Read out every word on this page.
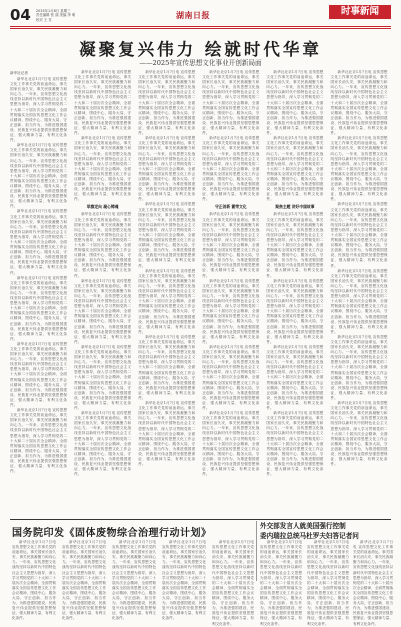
04 2025年1月8日 星期三
责任编辑 张 丽 美编 李 明
校对 王 芳	湖南日报	时事新闻
凝聚复兴伟力 绘就时代华章
——2025年宣传思想文化事业开创新局面
新华社记者

新华社北京1月7日电 宣传思想文化工作事关党的前途命运，事关国家长治久安，事关民族凝聚力和向心力。一年来，宣传思想文化战线坚持以新时代中国特色社会主义思想为指导，深入学习贯彻党的二十大和二十届历次全会精神，全面贯彻落实全国宣传思想文化工作会议精神，围绕中心、服务大局，守正创新、担当作为，为推进强国建设、民族复兴伟业提供坚强思想保证、强大精神力量、有利文化条件。

新华社北京1月7日电 宣传思想文化工作事关党的前途命运，事关国家长治久安，事关民族凝聚力和向心力。一年来，宣传思想文化战线坚持以新时代中国特色社会主义思想为指导，深入学习贯彻党的二十大和二十届历次全会精神，全面贯彻落实全国宣传思想文化工作会议精神，围绕中心、服务大局，守正创新、担当作为，为推进强国建设、民族复兴伟业提供坚强思想保证、强大精神力量、有利文化条件。

新华社北京1月7日电 宣传思想文化工作事关党的前途命运，事关国家长治久安，事关民族凝聚力和向心力。一年来，宣传思想文化战线坚持以新时代中国特色社会主义思想为指导，深入学习贯彻党的二十大和二十届历次全会精神，全面贯彻落实全国宣传思想文化工作会议精神，围绕中心、服务大局，守正创新、担当作为，为推进强国建设、民族复兴伟业提供坚强思想保证、强大精神力量、有利文化条件。

新华社北京1月7日电 宣传思想文化工作事关党的前途命运，事关国家长治久安，事关民族凝聚力和向心力。一年来，宣传思想文化战线坚持以新时代中国特色社会主义思想为指导，深入学习贯彻党的二十大和二十届历次全会精神，全面贯彻落实全国宣传思想文化工作会议精神，围绕中心、服务大局，守正创新、担当作为，为推进强国建设、民族复兴伟业提供坚强思想保证、强大精神力量、有利文化条件。

新华社北京1月7日电 宣传思想文化工作事关党的前途命运，事关国家长治久安，事关民族凝聚力和向心力。一年来，宣传思想文化战线坚持以新时代中国特色社会主义思想为指导，深入学习贯彻党的二十大和二十届历次全会精神，全面贯彻落实全国宣传思想文化工作会议精神，围绕中心、服务大局，守正创新、担当作为，为推进强国建设、民族复兴伟业提供坚强思想保证、强大精神力量、有利文化条件。

新华社北京1月7日电 宣传思想文化工作事关党的前途命运，事关国家长治久安，事关民族凝聚力和向心力。一年来，宣传思想文化战线坚持以新时代中国特色社会主义思想为指导，深入学习贯彻党的二十大和二十届历次全会精神，全面贯彻落实全国宣传思想文化工作会议精神，围绕中心、服务大局，守正创新、担当作为，为推进强国建设、民族复兴伟业提供坚强思想保证、强大精神力量、有利文化条件。

新华社北京1月7日电 宣传思想文化工作事关党的前途命运，事关国家长治久安，事关民族凝聚力和向心力。一年来，宣传思想文化战线坚持以新时代中国特色社会主义思想为指导，深入学习贯彻党的二十大和二十届历次全会精神，全面贯彻落实全国宣传思想文化工作会议精神，围绕中心、服务大局，守正创新、担当作为，为推进强国建设、民族复兴伟业提供坚强思想保证、强大精神力量、有利文化条件。

新华社北京1月7日电 宣传思想文化工作事关党的前途命运，事关国家长治久安，事关民族凝聚力和向心力。一年来，宣传思想文化战线坚持以新时代中国特色社会主义思想为指导，深入学习贯彻党的二十大和二十届历次全会精神，全面贯彻落实全国宣传思想文化工作会议精神，围绕中心、服务大局，守正创新、担当作为，为推进强国建设、民族复兴伟业提供坚强思想保证、强大精神力量、有利文化条件。

举旗定向 凝心铸魂

新华社北京1月7日电 宣传思想文化工作事关党的前途命运，事关国家长治久安，事关民族凝聚力和向心力。一年来，宣传思想文化战线坚持以新时代中国特色社会主义思想为指导，深入学习贯彻党的二十大和二十届历次全会精神，全面贯彻落实全国宣传思想文化工作会议精神，围绕中心、服务大局，守正创新、担当作为，为推进强国建设、民族复兴伟业提供坚强思想保证、强大精神力量、有利文化条件。

新华社北京1月7日电 宣传思想文化工作事关党的前途命运，事关国家长治久安，事关民族凝聚力和向心力。一年来，宣传思想文化战线坚持以新时代中国特色社会主义思想为指导，深入学习贯彻党的二十大和二十届历次全会精神，全面贯彻落实全国宣传思想文化工作会议精神，围绕中心、服务大局，守正创新、担当作为，为推进强国建设、民族复兴伟业提供坚强思想保证、强大精神力量、有利文化条件。

新华社北京1月7日电 宣传思想文化工作事关党的前途命运，事关国家长治久安，事关民族凝聚力和向心力。一年来，宣传思想文化战线坚持以新时代中国特色社会主义思想为指导，深入学习贯彻党的二十大和二十届历次全会精神，全面贯彻落实全国宣传思想文化工作会议精神，围绕中心、服务大局，守正创新、担当作为，为推进强国建设、民族复兴伟业提供坚强思想保证、强大精神力量、有利文化条件。

新华社北京1月7日电 宣传思想文化工作事关党的前途命运，事关国家长治久安，事关民族凝聚力和向心力。一年来，宣传思想文化战线坚持以新时代中国特色社会主义思想为指导，深入学习贯彻党的二十大和二十届历次全会精神，全面贯彻落实全国宣传思想文化工作会议精神，围绕中心、服务大局，守正创新、担当作为，为推进强国建设、民族复兴伟业提供坚强思想保证、强大精神力量、有利文化条件。

新华社北京1月7日电 宣传思想文化工作事关党的前途命运，事关国家长治久安，事关民族凝聚力和向心力。一年来，宣传思想文化战线坚持以新时代中国特色社会主义思想为指导，深入学习贯彻党的二十大和二十届历次全会精神，全面贯彻落实全国宣传思想文化工作会议精神，围绕中心、服务大局，守正创新、担当作为，为推进强国建设、民族复兴伟业提供坚强思想保证、强大精神力量、有利文化条件。

新华社北京1月7日电 宣传思想文化工作事关党的前途命运，事关国家长治久安，事关民族凝聚力和向心力。一年来，宣传思想文化战线坚持以新时代中国特色社会主义思想为指导，深入学习贯彻党的二十大和二十届历次全会精神，全面贯彻落实全国宣传思想文化工作会议精神，围绕中心、服务大局，守正创新、担当作为，为推进强国建设、民族复兴伟业提供坚强思想保证、强大精神力量、有利文化条件。

新华社北京1月7日电 宣传思想文化工作事关党的前途命运，事关国家长治久安，事关民族凝聚力和向心力。一年来，宣传思想文化战线坚持以新时代中国特色社会主义思想为指导，深入学习贯彻党的二十大和二十届历次全会精神，全面贯彻落实全国宣传思想文化工作会议精神，围绕中心、服务大局，守正创新、担当作为，为推进强国建设、民族复兴伟业提供坚强思想保证、强大精神力量、有利文化条件。

新华社北京1月7日电 宣传思想文化工作事关党的前途命运，事关国家长治久安，事关民族凝聚力和向心力。一年来，宣传思想文化战线坚持以新时代中国特色社会主义思想为指导，深入学习贯彻党的二十大和二十届历次全会精神，全面贯彻落实全国宣传思想文化工作会议精神，围绕中心、服务大局，守正创新、担当作为，为推进强国建设、民族复兴伟业提供坚强思想保证、强大精神力量、有利文化条件。

新华社北京1月7日电 宣传思想文化工作事关党的前途命运，事关国家长治久安，事关民族凝聚力和向心力。一年来，宣传思想文化战线坚持以新时代中国特色社会主义思想为指导，深入学习贯彻党的二十大和二十届历次全会精神，全面贯彻落实全国宣传思想文化工作会议精神，围绕中心、服务大局，守正创新、担当作为，为推进强国建设、民族复兴伟业提供坚强思想保证、强大精神力量、有利文化条件。

新华社北京1月7日电 宣传思想文化工作事关党的前途命运，事关国家长治久安，事关民族凝聚力和向心力。一年来，宣传思想文化战线坚持以新时代中国特色社会主义思想为指导，深入学习贯彻党的二十大和二十届历次全会精神，全面贯彻落实全国宣传思想文化工作会议精神，围绕中心、服务大局，守正创新、担当作为，为推进强国建设、民族复兴伟业提供坚强思想保证、强大精神力量、有利文化条件。

新华社北京1月7日电 宣传思想文化工作事关党的前途命运，事关国家长治久安，事关民族凝聚力和向心力。一年来，宣传思想文化战线坚持以新时代中国特色社会主义思想为指导，深入学习贯彻党的二十大和二十届历次全会精神，全面贯彻落实全国宣传思想文化工作会议精神，围绕中心、服务大局，守正创新、担当作为，为推进强国建设、民族复兴伟业提供坚强思想保证、强大精神力量、有利文化条件。

新华社北京1月7日电 宣传思想文化工作事关党的前途命运，事关国家长治久安，事关民族凝聚力和向心力。一年来，宣传思想文化战线坚持以新时代中国特色社会主义思想为指导，深入学习贯彻党的二十大和二十届历次全会精神，全面贯彻落实全国宣传思想文化工作会议精神，围绕中心、服务大局，守正创新、担当作为，为推进强国建设、民族复兴伟业提供坚强思想保证、强大精神力量、有利文化条件。

守正创新 繁荣文化

新华社北京1月7日电 宣传思想文化工作事关党的前途命运，事关国家长治久安，事关民族凝聚力和向心力。一年来，宣传思想文化战线坚持以新时代中国特色社会主义思想为指导，深入学习贯彻党的二十大和二十届历次全会精神，全面贯彻落实全国宣传思想文化工作会议精神，围绕中心、服务大局，守正创新、担当作为，为推进强国建设、民族复兴伟业提供坚强思想保证、强大精神力量、有利文化条件。

新华社北京1月7日电 宣传思想文化工作事关党的前途命运，事关国家长治久安，事关民族凝聚力和向心力。一年来，宣传思想文化战线坚持以新时代中国特色社会主义思想为指导，深入学习贯彻党的二十大和二十届历次全会精神，全面贯彻落实全国宣传思想文化工作会议精神，围绕中心、服务大局，守正创新、担当作为，为推进强国建设、民族复兴伟业提供坚强思想保证、强大精神力量、有利文化条件。

新华社北京1月7日电 宣传思想文化工作事关党的前途命运，事关国家长治久安，事关民族凝聚力和向心力。一年来，宣传思想文化战线坚持以新时代中国特色社会主义思想为指导，深入学习贯彻党的二十大和二十届历次全会精神，全面贯彻落实全国宣传思想文化工作会议精神，围绕中心、服务大局，守正创新、担当作为，为推进强国建设、民族复兴伟业提供坚强思想保证、强大精神力量、有利文化条件。

新华社北京1月7日电 宣传思想文化工作事关党的前途命运，事关国家长治久安，事关民族凝聚力和向心力。一年来，宣传思想文化战线坚持以新时代中国特色社会主义思想为指导，深入学习贯彻党的二十大和二十届历次全会精神，全面贯彻落实全国宣传思想文化工作会议精神，围绕中心、服务大局，守正创新、担当作为，为推进强国建设、民族复兴伟业提供坚强思想保证、强大精神力量、有利文化条件。

新华社北京1月7日电 宣传思想文化工作事关党的前途命运，事关国家长治久安，事关民族凝聚力和向心力。一年来，宣传思想文化战线坚持以新时代中国特色社会主义思想为指导，深入学习贯彻党的二十大和二十届历次全会精神，全面贯彻落实全国宣传思想文化工作会议精神，围绕中心、服务大局，守正创新、担当作为，为推进强国建设、民族复兴伟业提供坚强思想保证、强大精神力量、有利文化条件。

新华社北京1月7日电 宣传思想文化工作事关党的前途命运，事关国家长治久安，事关民族凝聚力和向心力。一年来，宣传思想文化战线坚持以新时代中国特色社会主义思想为指导，深入学习贯彻党的二十大和二十届历次全会精神，全面贯彻落实全国宣传思想文化工作会议精神，围绕中心、服务大局，守正创新、担当作为，为推进强国建设、民族复兴伟业提供坚强思想保证、强大精神力量、有利文化条件。

聚焦主题 讲好中国故事

新华社北京1月7日电 宣传思想文化工作事关党的前途命运，事关国家长治久安，事关民族凝聚力和向心力。一年来，宣传思想文化战线坚持以新时代中国特色社会主义思想为指导，深入学习贯彻党的二十大和二十届历次全会精神，全面贯彻落实全国宣传思想文化工作会议精神，围绕中心、服务大局，守正创新、担当作为，为推进强国建设、民族复兴伟业提供坚强思想保证、强大精神力量、有利文化条件。

新华社北京1月7日电 宣传思想文化工作事关党的前途命运，事关国家长治久安，事关民族凝聚力和向心力。一年来，宣传思想文化战线坚持以新时代中国特色社会主义思想为指导，深入学习贯彻党的二十大和二十届历次全会精神，全面贯彻落实全国宣传思想文化工作会议精神，围绕中心、服务大局，守正创新、担当作为，为推进强国建设、民族复兴伟业提供坚强思想保证、强大精神力量、有利文化条件。

新华社北京1月7日电 宣传思想文化工作事关党的前途命运，事关国家长治久安，事关民族凝聚力和向心力。一年来，宣传思想文化战线坚持以新时代中国特色社会主义思想为指导，深入学习贯彻党的二十大和二十届历次全会精神，全面贯彻落实全国宣传思想文化工作会议精神，围绕中心、服务大局，守正创新、担当作为，为推进强国建设、民族复兴伟业提供坚强思想保证、强大精神力量、有利文化条件。

新华社北京1月7日电 宣传思想文化工作事关党的前途命运，事关国家长治久安，事关民族凝聚力和向心力。一年来，宣传思想文化战线坚持以新时代中国特色社会主义思想为指导，深入学习贯彻党的二十大和二十届历次全会精神，全面贯彻落实全国宣传思想文化工作会议精神，围绕中心、服务大局，守正创新、担当作为，为推进强国建设、民族复兴伟业提供坚强思想保证、强大精神力量、有利文化条件。

新华社北京1月7日电 宣传思想文化工作事关党的前途命运，事关国家长治久安，事关民族凝聚力和向心力。一年来，宣传思想文化战线坚持以新时代中国特色社会主义思想为指导，深入学习贯彻党的二十大和二十届历次全会精神，全面贯彻落实全国宣传思想文化工作会议精神，围绕中心、服务大局，守正创新、担当作为，为推进强国建设、民族复兴伟业提供坚强思想保证、强大精神力量、有利文化条件。

新华社北京1月7日电 宣传思想文化工作事关党的前途命运，事关国家长治久安，事关民族凝聚力和向心力。一年来，宣传思想文化战线坚持以新时代中国特色社会主义思想为指导，深入学习贯彻党的二十大和二十届历次全会精神，全面贯彻落实全国宣传思想文化工作会议精神，围绕中心、服务大局，守正创新、担当作为，为推进强国建设、民族复兴伟业提供坚强思想保证、强大精神力量、有利文化条件。

新华社北京1月7日电 宣传思想文化工作事关党的前途命运，事关国家长治久安，事关民族凝聚力和向心力。一年来，宣传思想文化战线坚持以新时代中国特色社会主义思想为指导，深入学习贯彻党的二十大和二十届历次全会精神，全面贯彻落实全国宣传思想文化工作会议精神，围绕中心、服务大局，守正创新、担当作为，为推进强国建设、民族复兴伟业提供坚强思想保证、强大精神力量、有利文化条件。

新华社北京1月7日电 宣传思想文化工作事关党的前途命运，事关国家长治久安，事关民族凝聚力和向心力。一年来，宣传思想文化战线坚持以新时代中国特色社会主义思想为指导，深入学习贯彻党的二十大和二十届历次全会精神，全面贯彻落实全国宣传思想文化工作会议精神，围绕中心、服务大局，守正创新、担当作为，为推进强国建设、民族复兴伟业提供坚强思想保证、强大精神力量、有利文化条件。

新华社北京1月7日电 宣传思想文化工作事关党的前途命运，事关国家长治久安，事关民族凝聚力和向心力。一年来，宣传思想文化战线坚持以新时代中国特色社会主义思想为指导，深入学习贯彻党的二十大和二十届历次全会精神，全面贯彻落实全国宣传思想文化工作会议精神，围绕中心、服务大局，守正创新、担当作为，为推进强国建设、民族复兴伟业提供坚强思想保证、强大精神力量、有利文化条件。

新华社北京1月7日电 宣传思想文化工作事关党的前途命运，事关国家长治久安，事关民族凝聚力和向心力。一年来，宣传思想文化战线坚持以新时代中国特色社会主义思想为指导，深入学习贯彻党的二十大和二十届历次全会精神，全面贯彻落实全国宣传思想文化工作会议精神，围绕中心、服务大局，守正创新、担当作为，为推进强国建设、民族复兴伟业提供坚强思想保证、强大精神力量、有利文化条件。

国务院印发《固体废物综合治理行动计划》
外交部发言人就美国强行控制
委内瑞拉总统马杜罗夫妇答记者问

新华社北京1月7日电 宣传思想文化工作事关党的前途命运，事关国家长治久安，事关民族凝聚力和向心力。一年来，宣传思想文化战线坚持以新时代中国特色社会主义思想为指导，深入学习贯彻党的二十大和二十届历次全会精神，全面贯彻落实全国宣传思想文化工作会议精神，围绕中心、服务大局，守正创新、担当作为，为推进强国建设、民族复兴伟业提供坚强思想保证、强大精神力量、有利文化条件。

新华社北京1月7日电 宣传思想文化工作事关党的前途命运，事关国家长治久安，事关民族凝聚力和向心力。一年来，宣传思想文化战线坚持以新时代中国特色社会主义思想为指导，深入学习贯彻党的二十大和二十届历次全会精神，全面贯彻落实全国宣传思想文化工作会议精神，围绕中心、服务大局，守正创新、担当作为，为推进强国建设、民族复兴伟业提供坚强思想保证、强大精神力量、有利文化条件。

新华社北京1月7日电 宣传思想文化工作事关党的前途命运，事关国家长治久安，事关民族凝聚力和向心力。一年来，宣传思想文化战线坚持以新时代中国特色社会主义思想为指导，深入学习贯彻党的二十大和二十届历次全会精神，全面贯彻落实全国宣传思想文化工作会议精神，围绕中心、服务大局，守正创新、担当作为，为推进强国建设、民族复兴伟业提供坚强思想保证、强大精神力量、有利文化条件。

新华社北京1月7日电 宣传思想文化工作事关党的前途命运，事关国家长治久安，事关民族凝聚力和向心力。一年来，宣传思想文化战线坚持以新时代中国特色社会主义思想为指导，深入学习贯彻党的二十大和二十届历次全会精神，全面贯彻落实全国宣传思想文化工作会议精神，围绕中心、服务大局，守正创新、担当作为，为推进强国建设、民族复兴伟业提供坚强思想保证、强大精神力量、有利文化条件。

新华社北京1月7日电 宣传思想文化工作事关党的前途命运，事关国家长治久安，事关民族凝聚力和向心力。一年来，宣传思想文化战线坚持以新时代中国特色社会主义思想为指导，深入学习贯彻党的二十大和二十届历次全会精神，全面贯彻落实全国宣传思想文化工作会议精神，围绕中心、服务大局，守正创新、担当作为，为推进强国建设、民族复兴伟业提供坚强思想保证、强大精神力量、有利文化条件。

新华社北京1月7日电 宣传思想文化工作事关党的前途命运，事关国家长治久安，事关民族凝聚力和向心力。一年来，宣传思想文化战线坚持以新时代中国特色社会主义思想为指导，深入学习贯彻党的二十大和二十届历次全会精神，全面贯彻落实全国宣传思想文化工作会议精神，围绕中心、服务大局，守正创新、担当作为，为推进强国建设、民族复兴伟业提供坚强思想保证、强大精神力量、有利文化条件。

新华社北京1月7日电 宣传思想文化工作事关党的前途命运，事关国家长治久安，事关民族凝聚力和向心力。一年来，宣传思想文化战线坚持以新时代中国特色社会主义思想为指导，深入学习贯彻党的二十大和二十届历次全会精神，全面贯彻落实全国宣传思想文化工作会议精神，围绕中心、服务大局，守正创新、担当作为，为推进强国建设、民族复兴伟业提供坚强思想保证、强大精神力量、有利文化条件。

新华社北京1月7日电 宣传思想文化工作事关党的前途命运，事关国家长治久安，事关民族凝聚力和向心力。一年来，宣传思想文化战线坚持以新时代中国特色社会主义思想为指导，深入学习贯彻党的二十大和二十届历次全会精神，全面贯彻落实全国宣传思想文化工作会议精神，围绕中心、服务大局，守正创新、担当作为，为推进强国建设、民族复兴伟业提供坚强思想保证、强大精神力量、有利文化条件。
